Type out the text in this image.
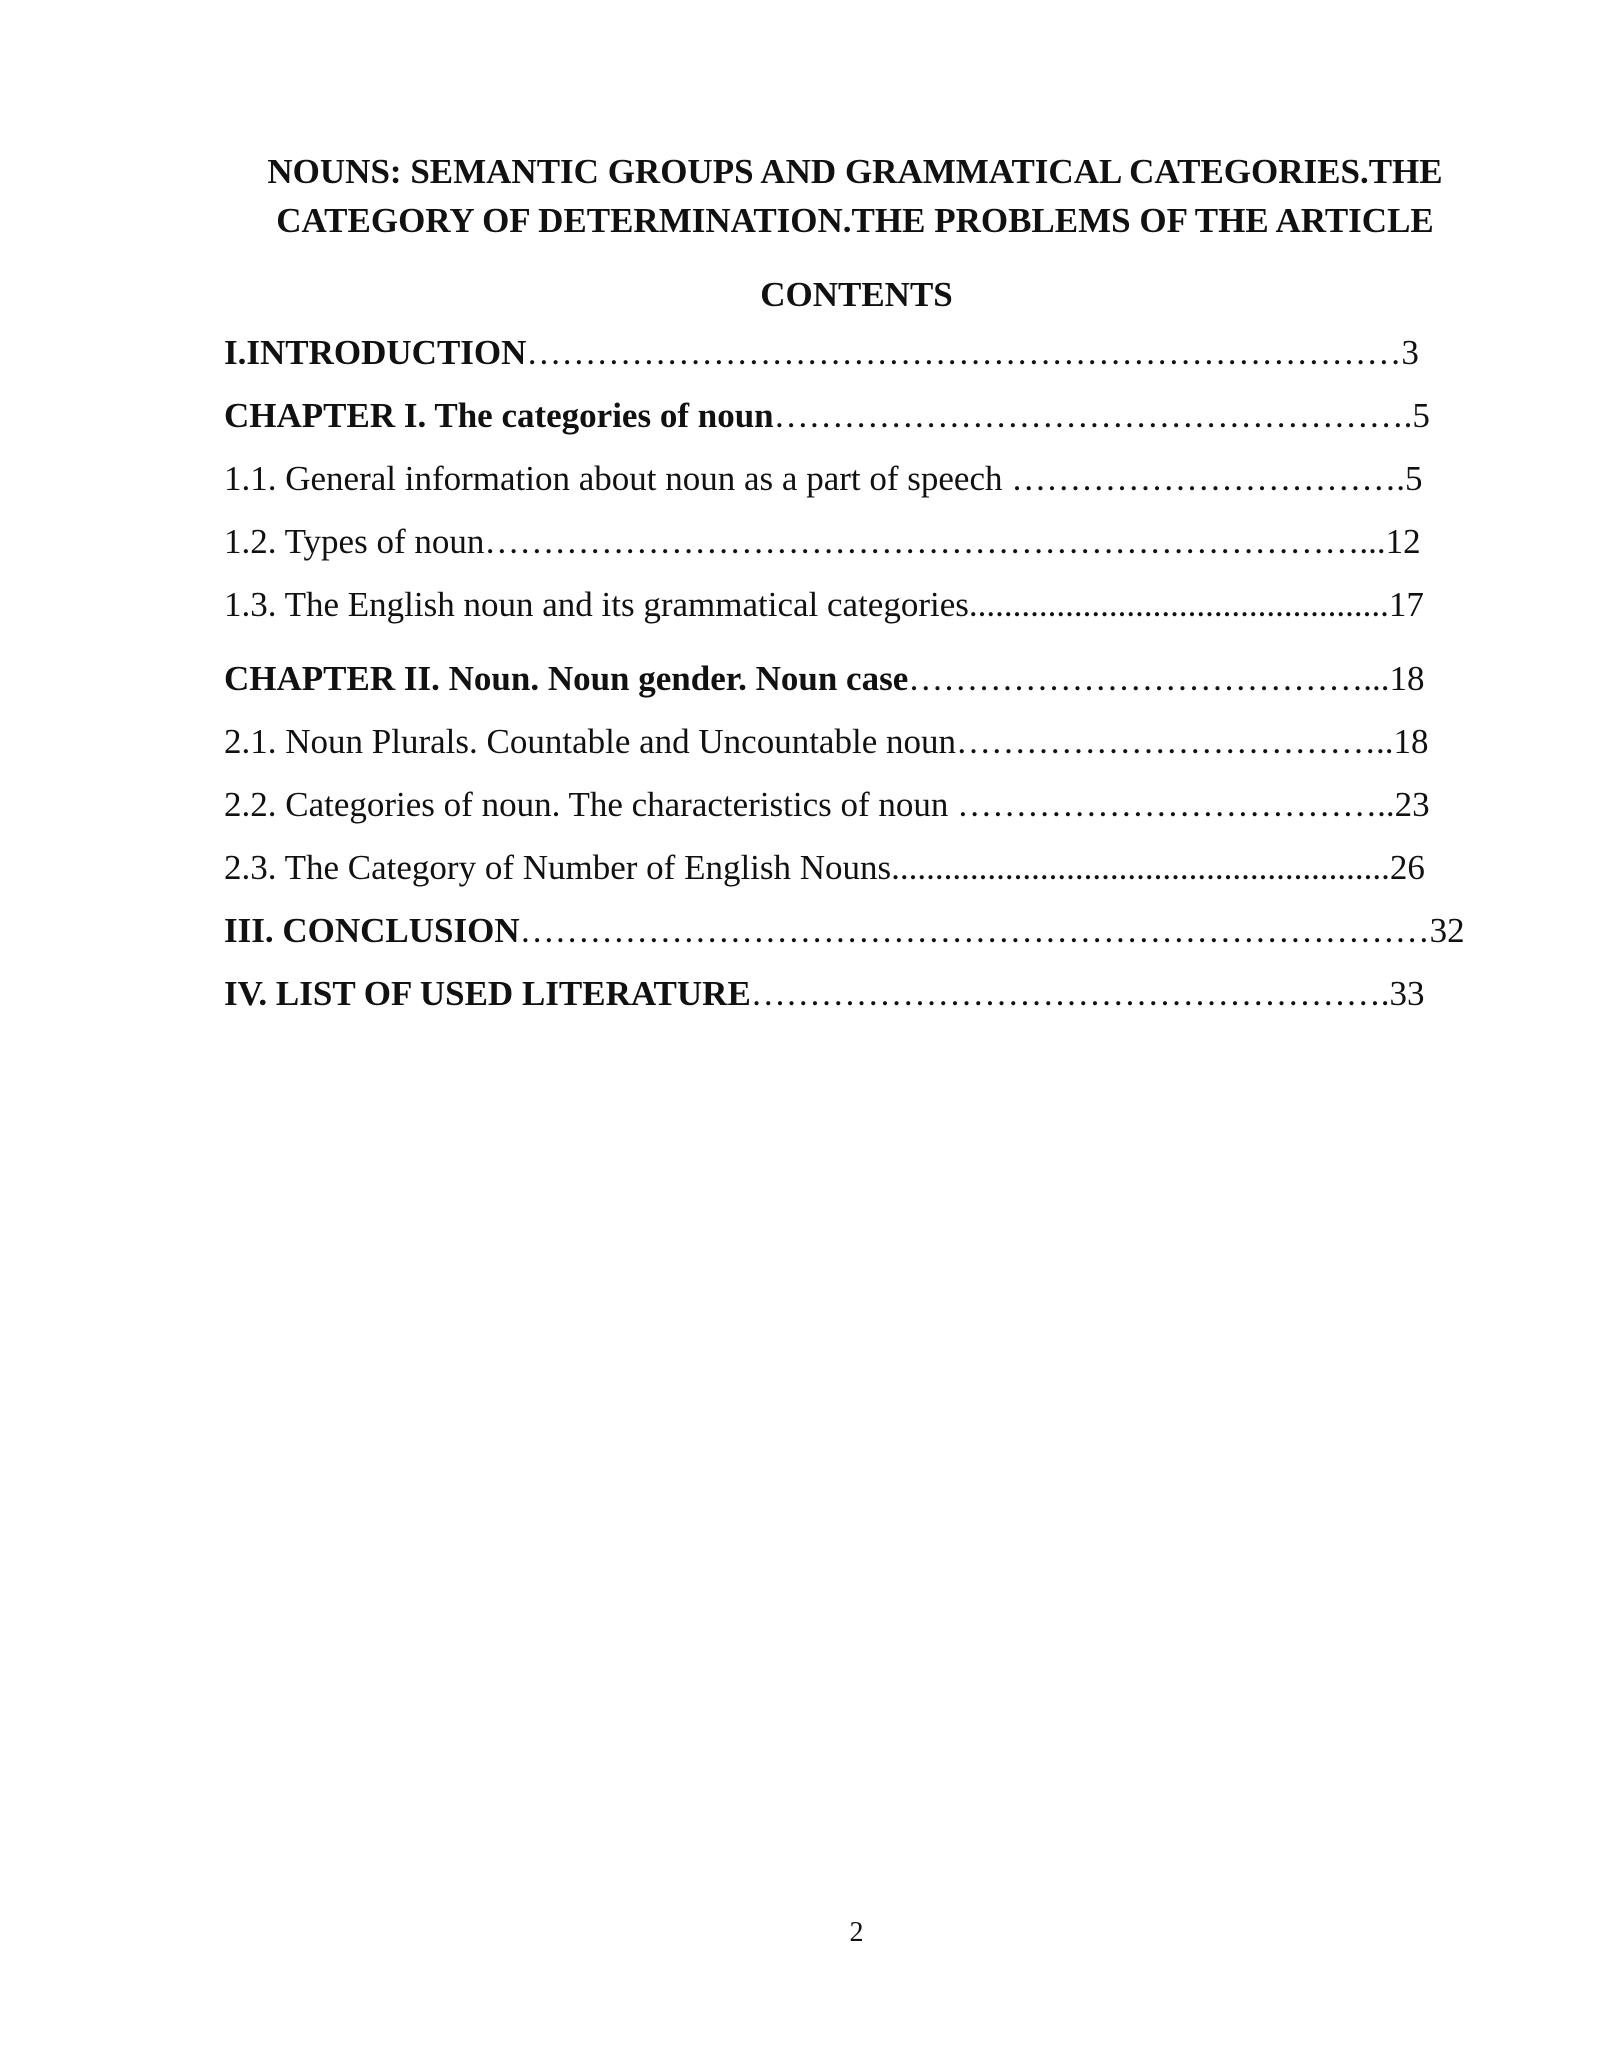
NOUNS: SEMANTIC GROUPS AND GRAMMATICAL CATEGORIES.THE
CATEGORY OF DETERMINATION.THE PROBLEMS OF THE ARTICLE
CONTENTS
I.INTRODUCTION…………………………………………………………………3
CHAPTER I. The categories of noun……………………………………………….5
1.1. General information about noun as a part of speech …………………………….5
1.2. Types of noun…………………………………………………………………...12
1.3. The English noun and its grammatical categories................................................17
CHAPTER II. Noun. Noun gender. Noun case…………………………………...18
2.1. Noun Plurals. Countable and Uncountable noun………………………………..18
2.2. Categories of noun. The characteristics of noun ………………………………..23
2.3. The Category of Number of English Nouns.........................................................26
III. CONCLUSION……………………………………………………………………32
IV. LIST OF USED LITERATURE……………………………………………….33
2
